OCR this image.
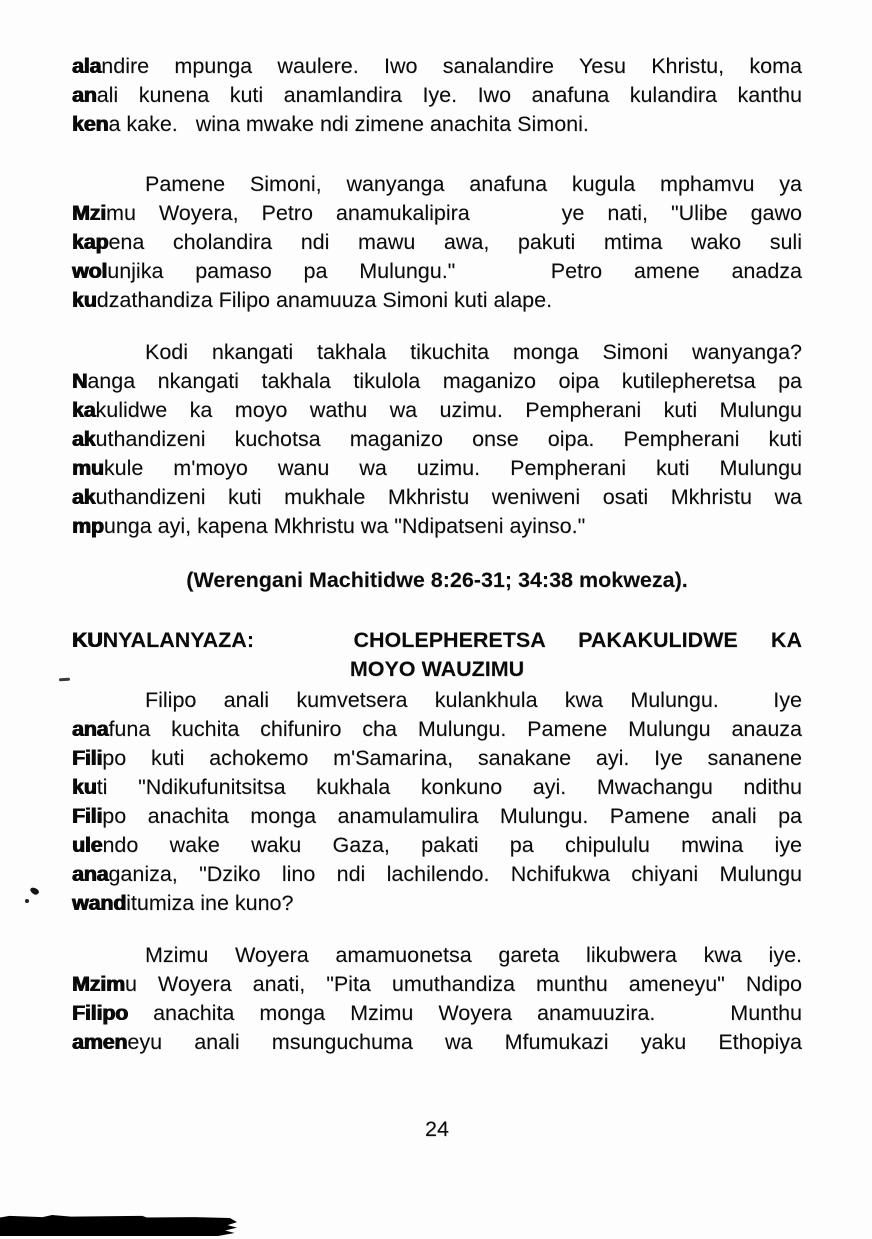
alandire mpunga waulere. Iwo sanalandire Yesu Khristu, koma
anali kunena kuti anamlandira Iye. Iwo anafuna kulandira kanthu
kena kake.   wina mwake ndi zimene anachita Simoni.
Pamene Simoni, wanyanga anafuna kugula mphamvu ya
Mzimu Woyera, Petro anamukalipira    ye nati, "Ulibe gawo
kapena cholandira ndi mawu awa, pakuti mtima wako suli
wolunjika pamaso pa Mulungu."   Petro amene anadza
kudzathandiza Filipo anamuuza Simoni kuti alape.
Kodi nkangati takhala tikuchita monga Simoni wanyanga?
Nanga nkangati takhala tikulola maganizo oipa kutilepheretsa pa
kakulidwe ka moyo wathu wa uzimu. Pempherani kuti Mulungu
akuthandizeni kuchotsa maganizo onse oipa. Pempherani kuti
mukule m'moyo wanu wa uzimu. Pempherani kuti Mulungu
akuthandizeni kuti mukhale Mkhristu weniweni osati Mkhristu wa
mpunga ayi, kapena Mkhristu wa "Ndipatseni ayinso."
(Werengani Machitidwe 8:26-31; 34:38 mokweza).
KUNYALANYAZA:   CHOLEPHERETSA PAKAKULIDWE KA
MOYO WAUZIMU
Filipo anali kumvetsera kulankhula kwa Mulungu.  Iye
anafuna kuchita chifuniro cha Mulungu. Pamene Mulungu anauza
Filipo kuti achokemo m'Samarina, sanakane ayi. Iye sananene
kuti "Ndikufunitsitsa kukhala konkuno ayi. Mwachangu ndithu
Filipo anachita monga anamulamulira Mulungu. Pamene anali pa
ulendo wake waku Gaza, pakati pa chipululu mwina iye
anaganiza, "Dziko lino ndi lachilendo. Nchifukwa chiyani Mulungu
wanditumiza ine kuno?
Mzimu Woyera amamuonetsa gareta likubwera kwa iye.
Mzimu Woyera anati, "Pita umuthandiza munthu ameneyu" Ndipo
Filipo anachita monga Mzimu Woyera anamuuzira.   Munthu
ameneyu anali msunguchuma wa Mfumukazi yaku Ethopiya
24
